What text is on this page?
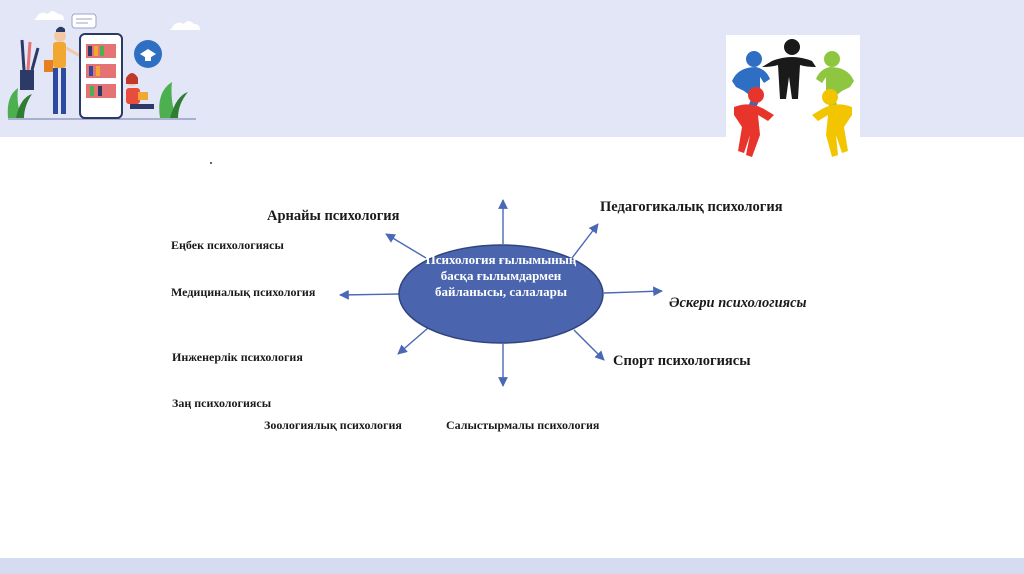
Психология ғылымының басқа ғылымдармен байланысы, салалары
Арнайы психология
Педагогикалық психология
Әскери психологиясы
Спорт психологиясы
Еңбек психологиясы
Медициналық психология
Инженерлік психология
Заң психологиясы
Зоологиялық психология	Салыстырмалы психология
